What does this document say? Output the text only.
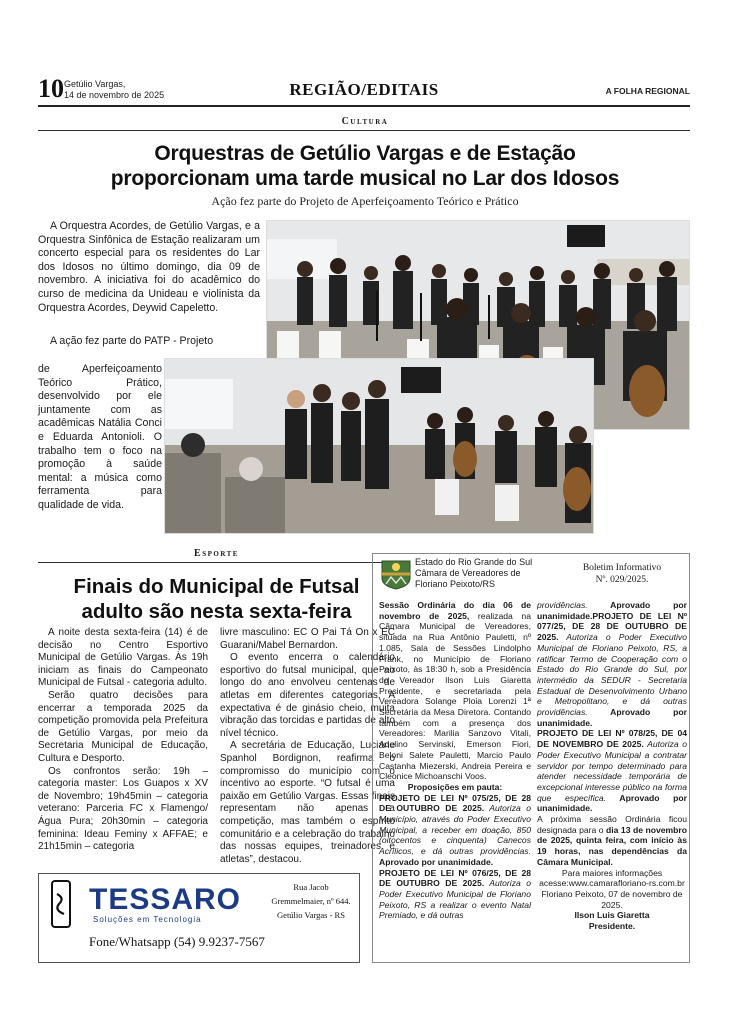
10 Getúlio Vargas,
14 de novembro de 2025	REGIÃO/EDITAIS	A FOLHA REGIONAL
Cultura
Orquestras de Getúlio Vargas e de Estação
proporcionam uma tarde musical no Lar dos Idosos
Ação fez parte do Projeto de Aperfeiçoamento Teórico e Prático

A Orquestra Acordes, de Getúlio Vargas, e a Orquestra Sinfônica de Estação realizaram um concerto especial para os residentes do Lar dos Idosos no último domingo, dia 09 de novembro. A iniciativa foi do acadêmico do curso de medicina da Unideau e violinista da Orquestra Acordes, Deywid Capeletto.

A ação fez parte do PATP - Projeto

de Aperfeiçoamento Teórico Prático, desenvolvido por ele juntamente com as acadêmicas Natália Conci e Eduarda Antonioli. O trabalho tem o foco na promoção à saúde mental: a música como ferramenta para qualidade de vida.

Esporte
Finais do Municipal de Futsal
adulto são nesta sexta-feira

A noite desta sexta-feira (14) é de decisão no Centro Esportivo Municipal de Getúlio Vargas. Às 19h iniciam as finais do Campeonato Municipal de Futsal - categoria adulto.

Serão quatro decisões para encerrar a temporada 2025 da competição promovida pela Prefeitura de Getúlio Vargas, por meio da Secretaria Municipal de Educação, Cultura e Desporto.

Os confrontos serão: 19h – categoria master: Los Guapos x XV de Novembro; 19h45min – categoria veterano: Parceria FC x Flamengo/Água Pura; 20h30min – categoria feminina: Ideau Feminy x AFFAE; e 21h15min – categoria

livre masculino: EC O Pai Tá On x EC Guarani/Mabel Bernardon.

O evento encerra o calendário esportivo do futsal municipal, que ao longo do ano envolveu centenas de atletas em diferentes categorias. A expectativa é de ginásio cheio, muita vibração das torcidas e partidas de alto nível técnico.

A secretária de Educação, Luciane Spanhol Bordignon, reafirma o compromisso do município com o incentivo ao esporte. “O futsal é uma paixão em Getúlio Vargas. Essas finais representam não apenas a competição, mas também o espírito comunitário e a celebração do trabalho das nossas equipes, treinadores e atletas”, destacou.

TESSARO
Soluções em Tecnologia
Rua Jacob
Gremmelmaier, nº 644.
Getúlio Vargas - RS
Fone/Whatsapp (54) 9.9237-7567
Estado do Rio Grande do Sul
Câmara de Vereadores de
Floriano Peixoto/RS
Boletim Informativo
Nº. 029/2025.

Sessão Ordinária do dia 06 de novembro de 2025, realizada na Câmara Municipal de Vereadores, situada na Rua Antônio Pauletti, nº 1.085, Sala de Sessões Lindolpho Frank, no Município de Floriano Peixoto, às 18:30 h, sob a Presidência do Vereador Ilson Luis Giaretta Presidente, e secretariada pela Vereadora Solange Ploia Lorenzi 1ª Secretária da Mesa Diretora. Contando também com a presença dos Vereadores: Marilia Sanzovo Vitali, Adelino Servinski, Emerson Fiori, Beloni Salete Pauletti, Marcio Paulo Castanha Miezerski, Andreia Pereira e Cleonice Michoanschi Voos.

Proposições em pauta:

PROJETO DE LEI Nº 075/25, DE 28 DE OUTUBRO DE 2025. Autoriza o Município, através do Poder Executivo Municipal, a receber em doação, 850 (oitocentos e cinquenta) Canecos Acrílicos, e dá outras providências. Aprovado por unanimidade.

PROJETO DE LEI Nº 076/25, DE 28 DE OUTUBRO DE 2025. Autoriza o Poder Executivo Municipal de Floriano Peixoto, RS a realizar o evento Natal Premiado, e dá outras

providências. Aprovado por unanimidade.PROJETO DE LEI Nº 077/25, DE 28 DE OUTUBRO DE 2025. Autoriza o Poder Executivo Municipal de Floriano Peixoto, RS, a ratificar Termo de Cooperação com o Estado do Rio Grande do Sul, por intermédio da SEDUR - Secretaria Estadual de Desenvolvimento Urbano e Metropolitano, e dá outras providências. Aprovado por unanimidade.

PROJETO DE LEI Nº 078/25, DE 04 DE NOVEMBRO DE 2025. Autoriza o Poder Executivo Municipal a contratar servidor por tempo determinado para atender necessidade temporária de excepcional interesse público na forma que específica. Aprovado por unanimidade.

A próxima sessão Ordinária ficou designada para o dia 13 de novembro de 2025, quinta feira, com início às 19 horas, nas dependências da Câmara Municipal.

Para maiores informações acesse:www.camarafloriano-rs.com.br

Floriano Peixoto, 07 de novembro de 2025.

Ilson Luis Giaretta
Presidente.
